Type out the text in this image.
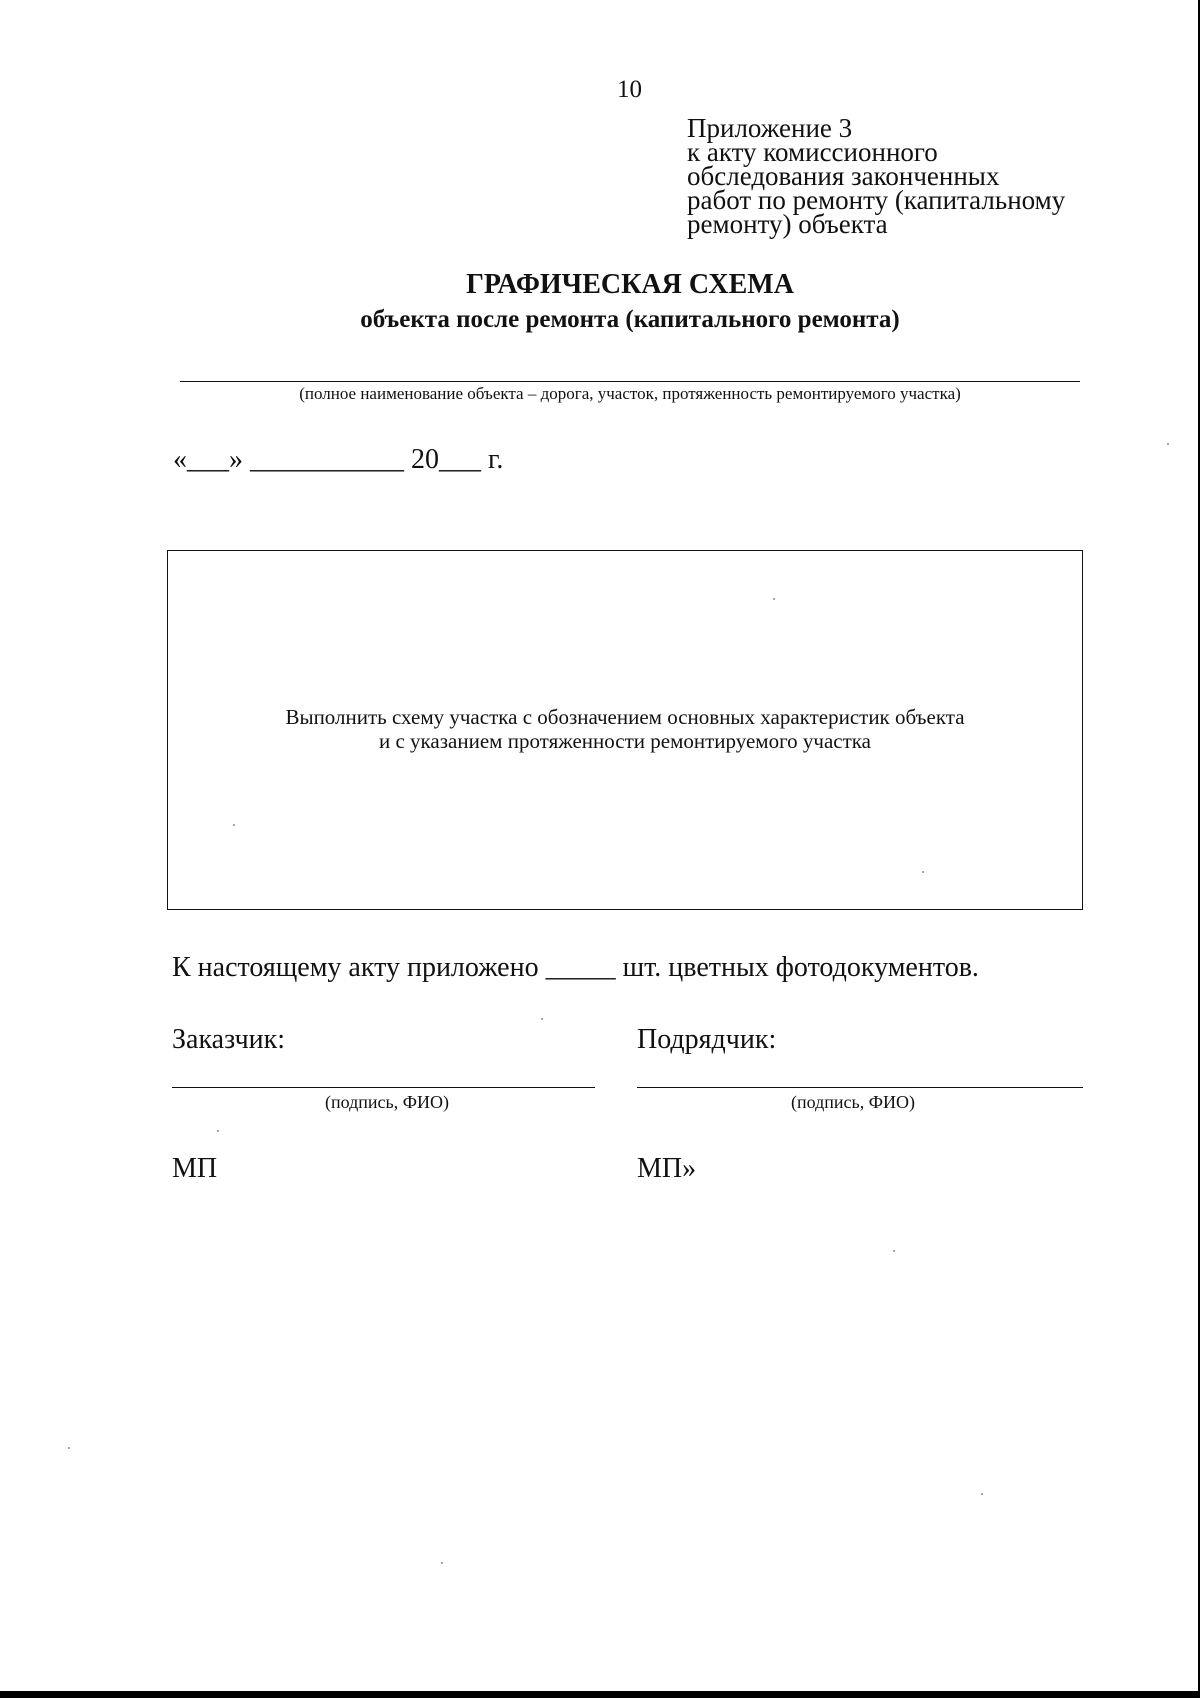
10
Приложение 3
к акту комиссионного
обследования законченных
работ по ремонту (капитальному
ремонту) объекта
ГРАФИЧЕСКАЯ СХЕМА
объекта после ремонта (капитального ремонта)
(полное наименование объекта – дорога, участок, протяженность ремонтируемого участка)
«___» ___________ 20___ г.
Выполнить схему участка с обозначением основных характеристик объекта
и с указанием протяженности ремонтируемого участка
К настоящему акту приложено _____ шт. цветных фотодокументов.
Заказчик:	Подрядчик:
(подпись, ФИО)	(подпись, ФИО)
МП	МП»
